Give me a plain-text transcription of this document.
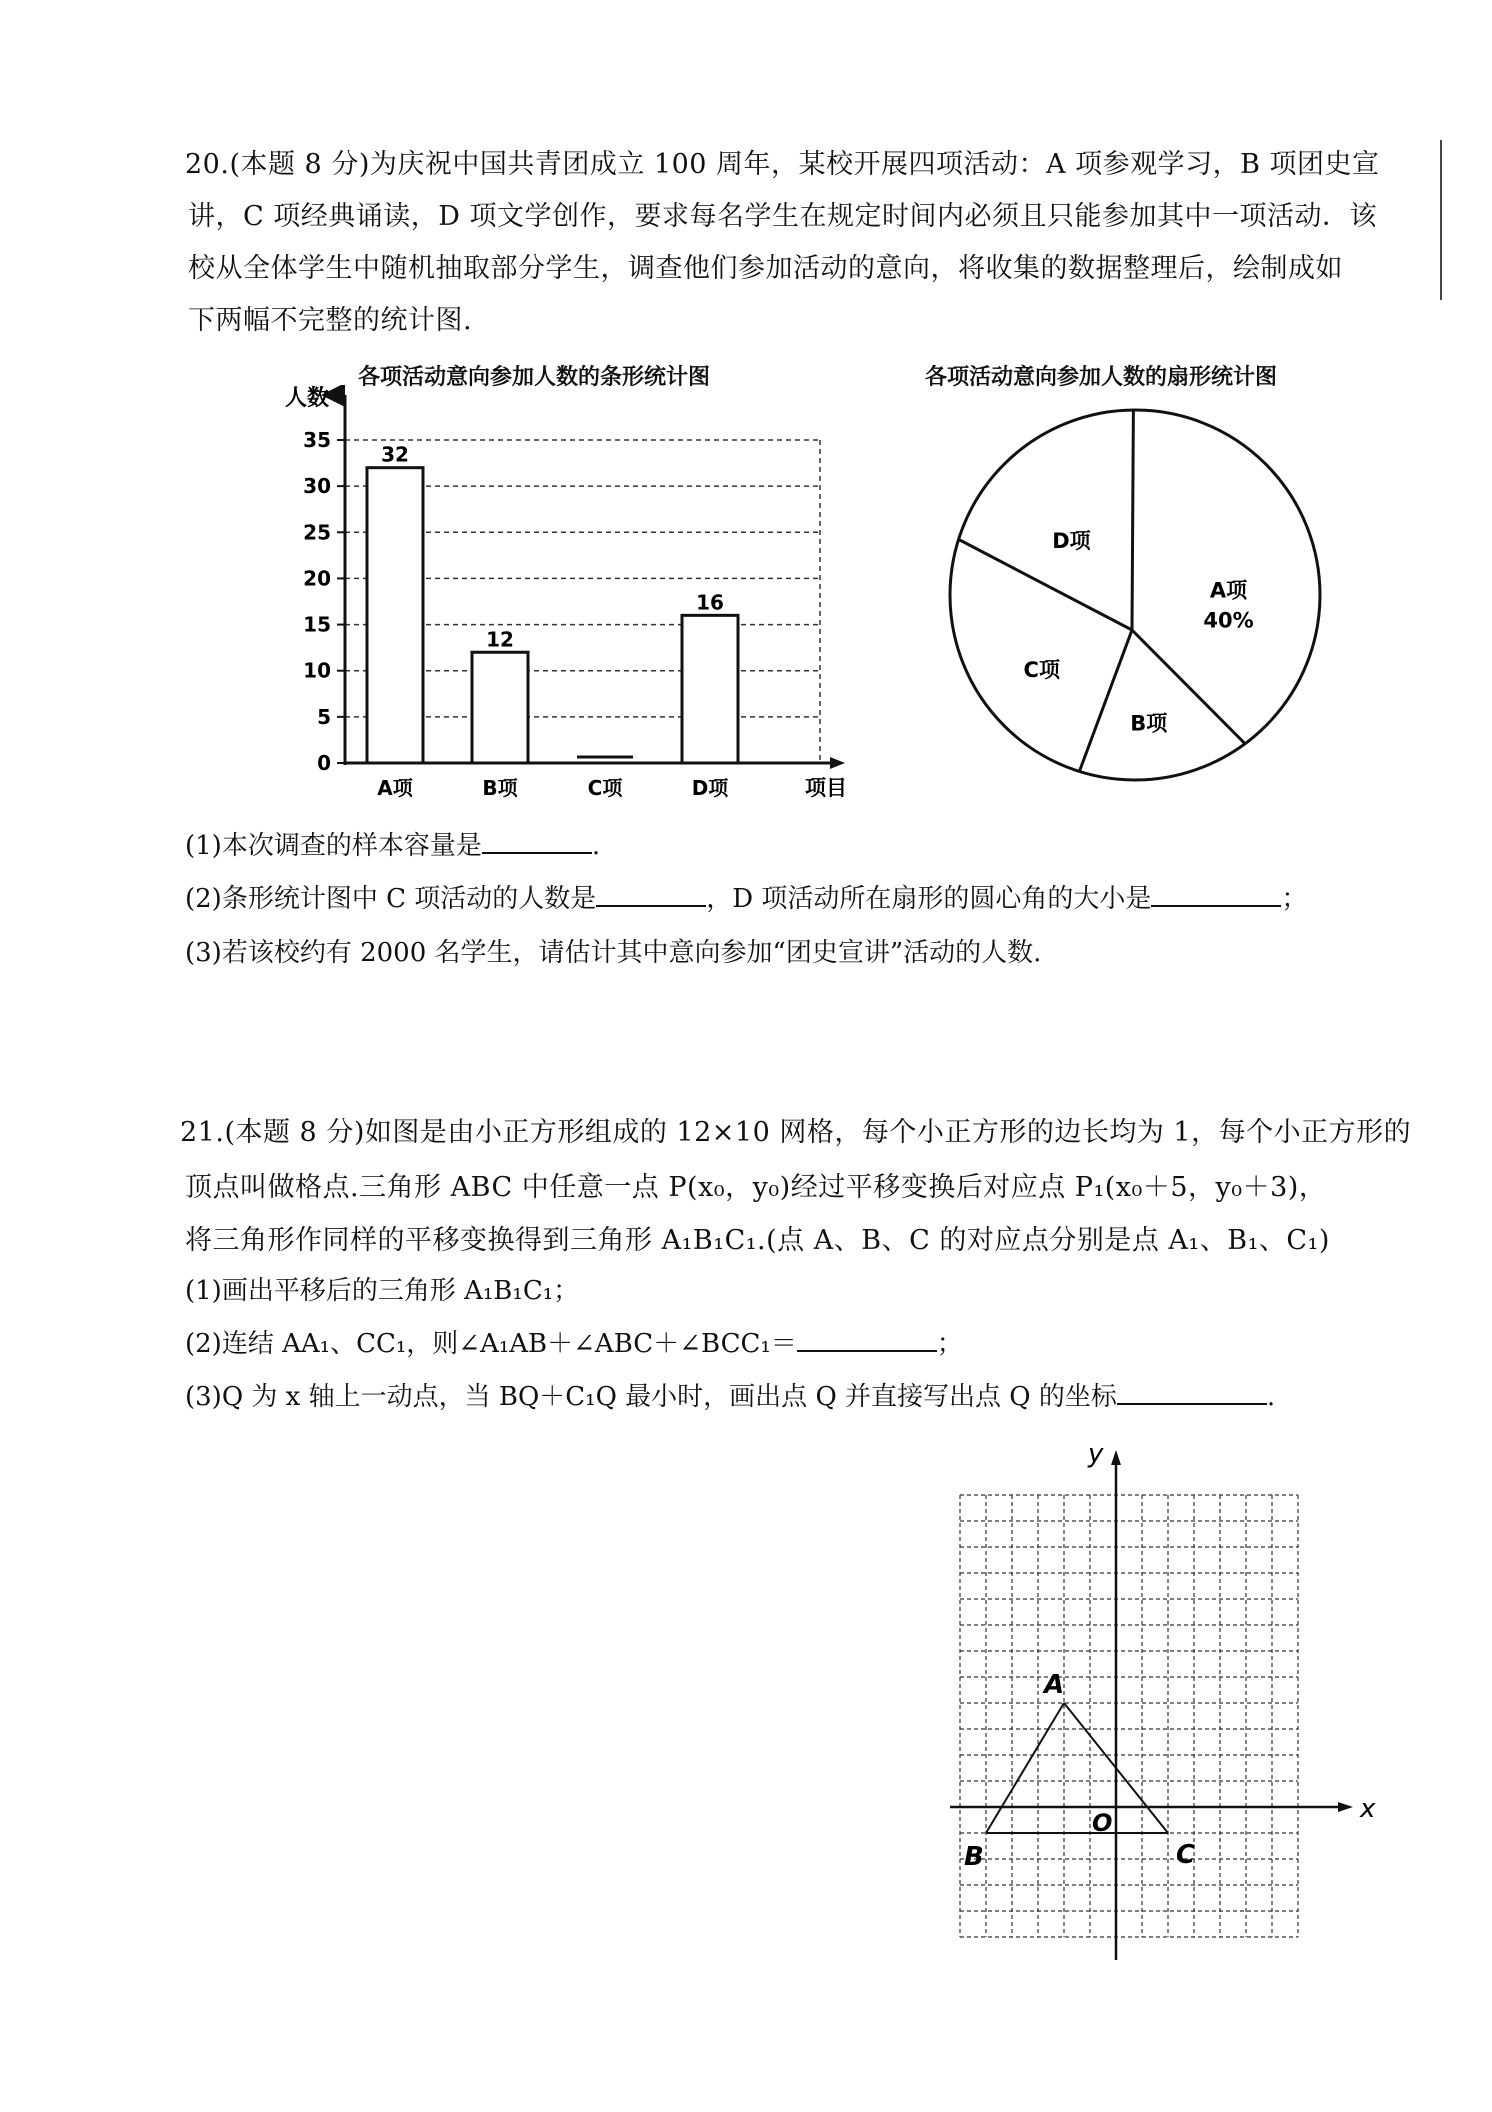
20.(本题 8 分)为庆祝中国共青团成立 100 周年，某校开展四项活动：A 项参观学习，B 项团史宣
讲，C 项经典诵读，D 项文学创作，要求每名学生在规定时间内必须且只能参加其中一项活动．该
校从全体学生中随机抽取部分学生，调查他们参加活动的意向，将收集的数据整理后，绘制成如
下两幅不完整的统计图.
各项活动意向参加人数的条形统计图	各项活动意向参加人数的扇形统计图
人数
项目
0
5
10
15
20
25
30
35
32
12
16
A项	B项	C项	D项
A项
40%
B项
C项
D项
(1)本次调查的样本容量是	.
(2)条形统计图中 C 项活动的人数是	，D 项活动所在扇形的圆心角的大小是	；
(3)若该校约有 2000 名学生，请估计其中意向参加“团史宣讲”活动的人数.
21.(本题 8 分)如图是由小正方形组成的 12×10 网格，每个小正方形的边长均为 1，每个小正方形的
顶点叫做格点.三角形 ABC 中任意一点 P(x₀，y₀)经过平移变换后对应点 P₁(x₀＋5，y₀＋3)，
将三角形作同样的平移变换得到三角形 A₁B₁C₁.(点 A、B、C 的对应点分别是点 A₁、B₁、C₁)
(1)画出平移后的三角形 A₁B₁C₁；
(2)连结 AA₁、CC₁，则∠A₁AB＋∠ABC＋∠BCC₁＝	；
(3)Q 为 x 轴上一动点，当 BQ＋C₁Q 最小时，画出点 Q 并直接写出点 Q 的坐标	.
x
y
O
A
B	C
